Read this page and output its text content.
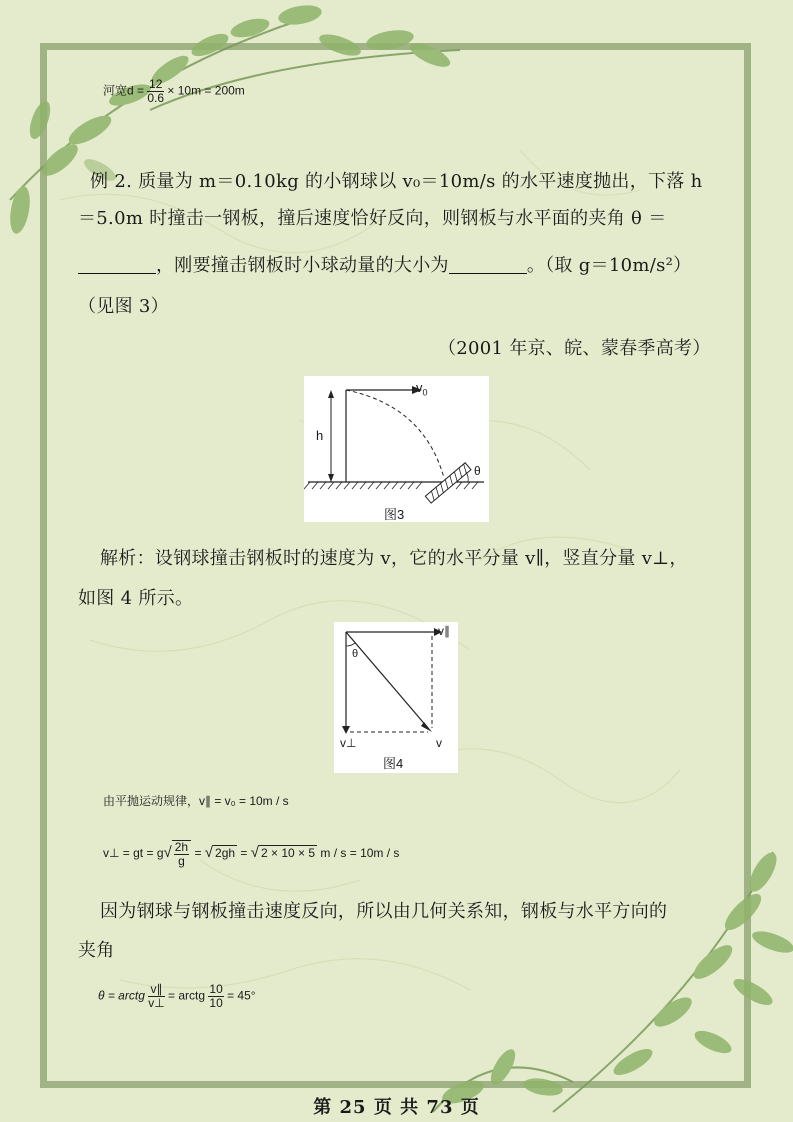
河宽$d = \frac{12}{0.6} \times 10m = 200m$
例 2. 质量为 m＝0.10kg 的小钢球以 v₀＝10m/s 的水平速度抛出，下落 h
＝5.0m 时撞击一钢板，撞后速度恰好反向，则钢板与水平面的夹角 θ ＝
，刚要撞击钢板时小球动量的大小为	。（取 g＝10m/s²）
（见图 3）
（2001 年京、皖、蒙春季高考）
$v_0$
h
θ
图3
解析：设钢球撞击钢板时的速度为 v，它的水平分量 v∥，竖直分量 v⊥，
如图 4 所示。
v∥
θ
v⊥	v
图4
由平抛运动规律，v∥ = v₀ = 10m / s
v⊥ = gt = $g√ \frac{2h}{g}$ = √ 2gh = √ 2 × 10 × 5 m / s = 10m / s
因为钢球与钢板撞击速度反向，所以由几何关系知，钢板与水平方向的
夹角
θ = arctg $\frac{v\parallel}{v\perp}$ = arctg $\frac{10}{10} = 45^\circ$
第 25 页 共 73 页
